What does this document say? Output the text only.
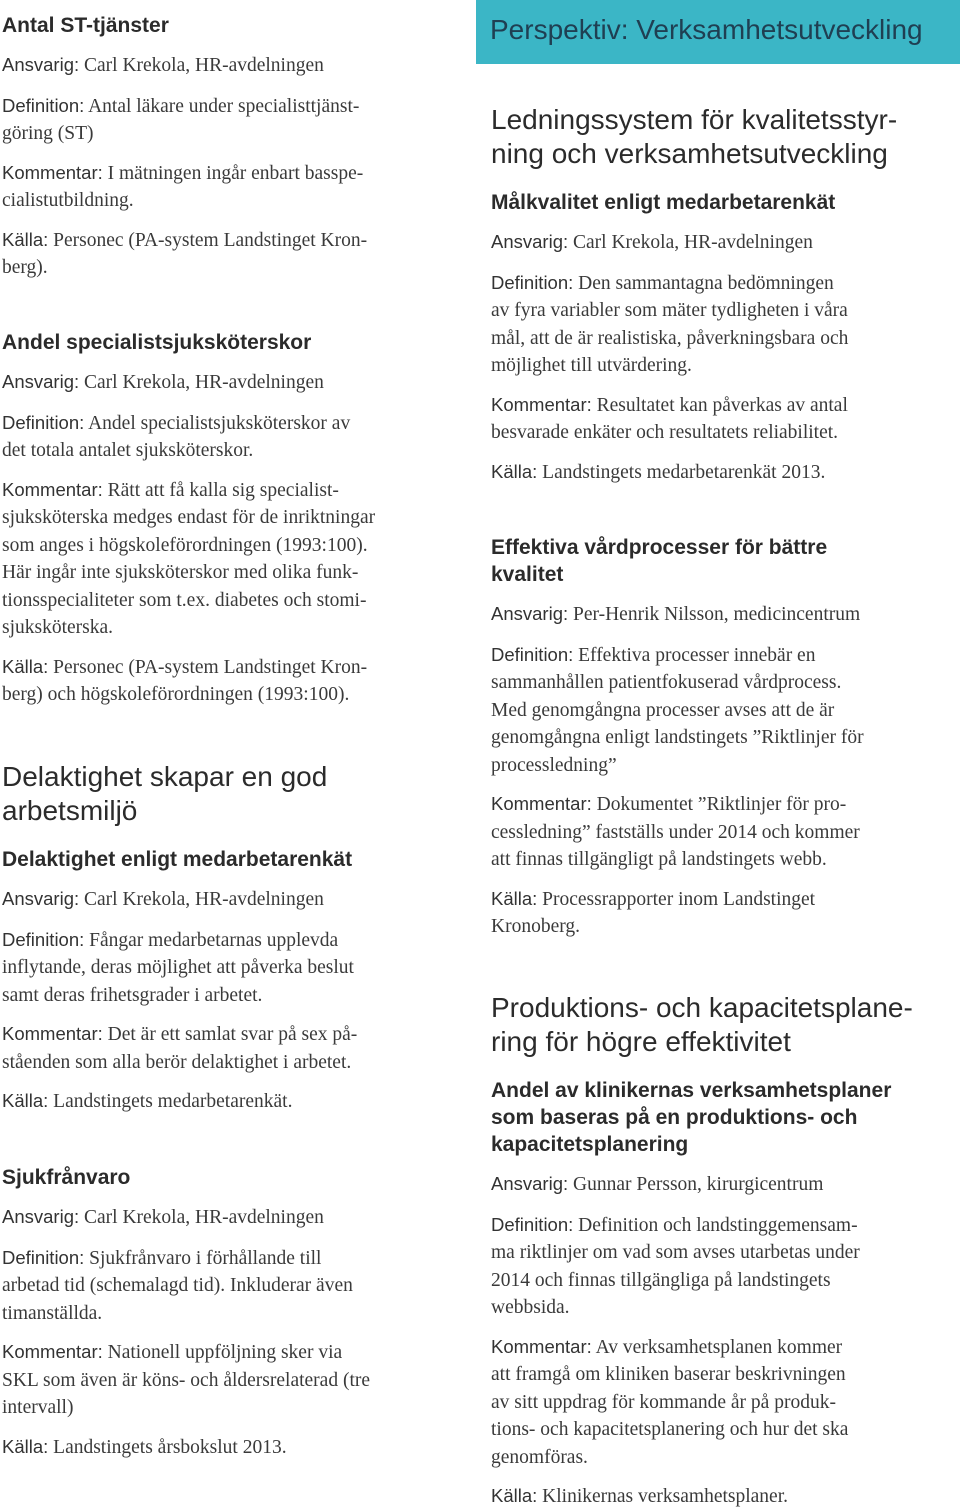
Perspektiv: Verksamhetsutveckling
Antal ST-tjänster
Ansvarig: Carl Krekola, HR-avdelningen
Definition: Antal läkare under specialisttjänst-
göring (ST)
Kommentar: I mätningen ingår enbart basspe-
cialistutbildning.
Källa: Personec (PA-system Landstinget Kron-
berg).
Andel specialistsjuksköterskor
Ansvarig: Carl Krekola, HR-avdelningen
Definition: Andel specialistsjuksköterskor av
det totala antalet sjuksköterskor.
Kommentar: Rätt att få kalla sig specialist-
sjuksköterska medges endast för de inriktningar
som anges i högskoleförordningen (1993:100).
Här ingår inte sjuksköterskor med olika funk-
tionsspecialiteter som t.ex. diabetes och stomi-
sjuksköterska.
Källa: Personec (PA-system Landstinget Kron-
berg) och högskoleförordningen (1993:100).
Delaktighet skapar en god
arbetsmiljö
Delaktighet enligt medarbetarenkät
Ansvarig: Carl Krekola, HR-avdelningen
Definition: Fångar medarbetarnas upplevda
inflytande, deras möjlighet att påverka beslut
samt deras frihetsgrader i arbetet.
Kommentar: Det är ett samlat svar på sex på-
ståenden som alla berör delaktighet i arbetet.
Källa: Landstingets medarbetarenkät.
Sjukfrånvaro
Ansvarig: Carl Krekola, HR-avdelningen
Definition: Sjukfrånvaro i förhållande till
arbetad tid (schemalagd tid). Inkluderar även
timanställda.
Kommentar: Nationell uppföljning sker via
SKL som även är köns- och åldersrelaterad (tre
intervall)
Källa: Landstingets årsbokslut 2013.
Ledningssystem för kvalitetsstyr-
ning och verksamhetsutveckling
Målkvalitet enligt medarbetarenkät
Ansvarig: Carl Krekola, HR-avdelningen
Definition: Den sammantagna bedömningen
av fyra variabler som mäter tydligheten i våra
mål, att de är realistiska, påverkningsbara och
möjlighet till utvärdering.
Kommentar: Resultatet kan påverkas av antal
besvarade enkäter och resultatets reliabilitet.
Källa: Landstingets medarbetarenkät 2013.
Effektiva vårdprocesser för bättre
kvalitet
Ansvarig: Per-Henrik Nilsson, medicincentrum
Definition: Effektiva processer innebär en
sammanhållen patientfokuserad vårdprocess.
Med genomgångna processer avses att de är
genomgångna enligt landstingets ”Riktlinjer för
processledning”
Kommentar: Dokumentet ”Riktlinjer för pro-
cessledning” fastställs under 2014 och kommer
att finnas tillgängligt på landstingets webb.
Källa: Processrapporter inom Landstinget
Kronoberg.
Produktions- och kapacitetsplane-
ring för högre effektivitet
Andel av klinikernas verksamhetsplaner
som baseras på en produktions- och
kapacitetsplanering
Ansvarig: Gunnar Persson, kirurgicentrum
Definition: Definition och landstinggemensam-
ma riktlinjer om vad som avses utarbetas under
2014 och finnas tillgängliga på landstingets
webbsida.
Kommentar: Av verksamhetsplanen kommer
att framgå om kliniken baserar beskrivningen
av sitt uppdrag för kommande år på produk-
tions- och kapacitetsplanering och hur det ska
genomföras.
Källa: Klinikernas verksamhetsplaner.
